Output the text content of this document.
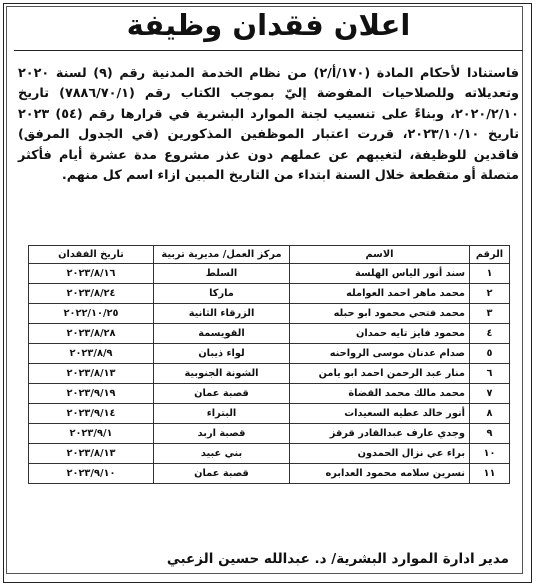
اعلان فقدان وظيفة
فاستنادا لأحكام المادة (١٧٠/أ/٢) من نظام الخدمة المدنية رقم (٩) لسنة ٢٠٢٠ وتعديلاته وللصلاحيات المفوضة إليّ بموجب الكتاب رقم (٧٨٨٦/٧٠/١) تاريخ ٢٠٢٠/٢/١٠، وبناءً على تنسيب لجنة الموارد البشرية في قرارها رقم (٥٤) ٢٠٢٣ تاريخ ٢٠٢٣/١٠/١٠، قررت اعتبار الموظفين المذكورين (في الجدول المرفق) فاقدين للوظيفة، لتغيبهم عن عملهم دون عذر مشروع مدة عشرة أيام فأكثر متصلة أو متقطعة خلال السنة ابتداء من التاريخ المبين ازاء اسم كل منهم.
الرقم	الاسم	مركز العمل/ مديرية تربية	تاريخ الفقدان
١	سند أنور الياس الهلسة	السلط	٢٠٢٣/٨/١٦
٢	محمد ماهر احمد العوامله	ماركا	٢٠٢٣/٨/٢٤
٣	محمد فتحي محمود ابو حبله	الزرقاء الثانية	٢٠٢٢/١٠/٢٥
٤	محمود فايز تايه حمدان	القويسمة	٢٠٢٣/٨/٢٨
٥	صدام عدنان موسى الرواحنه	لواء ذيبان	٢٠٢٣/٨/٩
٦	منار عبد الرحمن احمد ابو يامن	الشونة الجنوبية	٢٠٢٣/٨/١٣
٧	محمد مالك محمد القضاة	قصبة عمان	٢٠٢٣/٩/١٩
٨	أنور خالد عطيه السعيدات	البتراء	٢٠٢٣/٩/١٤
٩	وجدي عارف عبدالقادر قرقز	قصبة اربد	٢٠٢٣/٩/١
١٠	براء عي نزال الحمدون	بني عبيد	٢٠٢٣/٨/١٣
١١	نسرين سلامه محمود العدابره	قصبة عمان	٢٠٢٣/٩/١٠
مدير ادارة الموارد البشرية/ د. عبدالله حسين الزعبي
